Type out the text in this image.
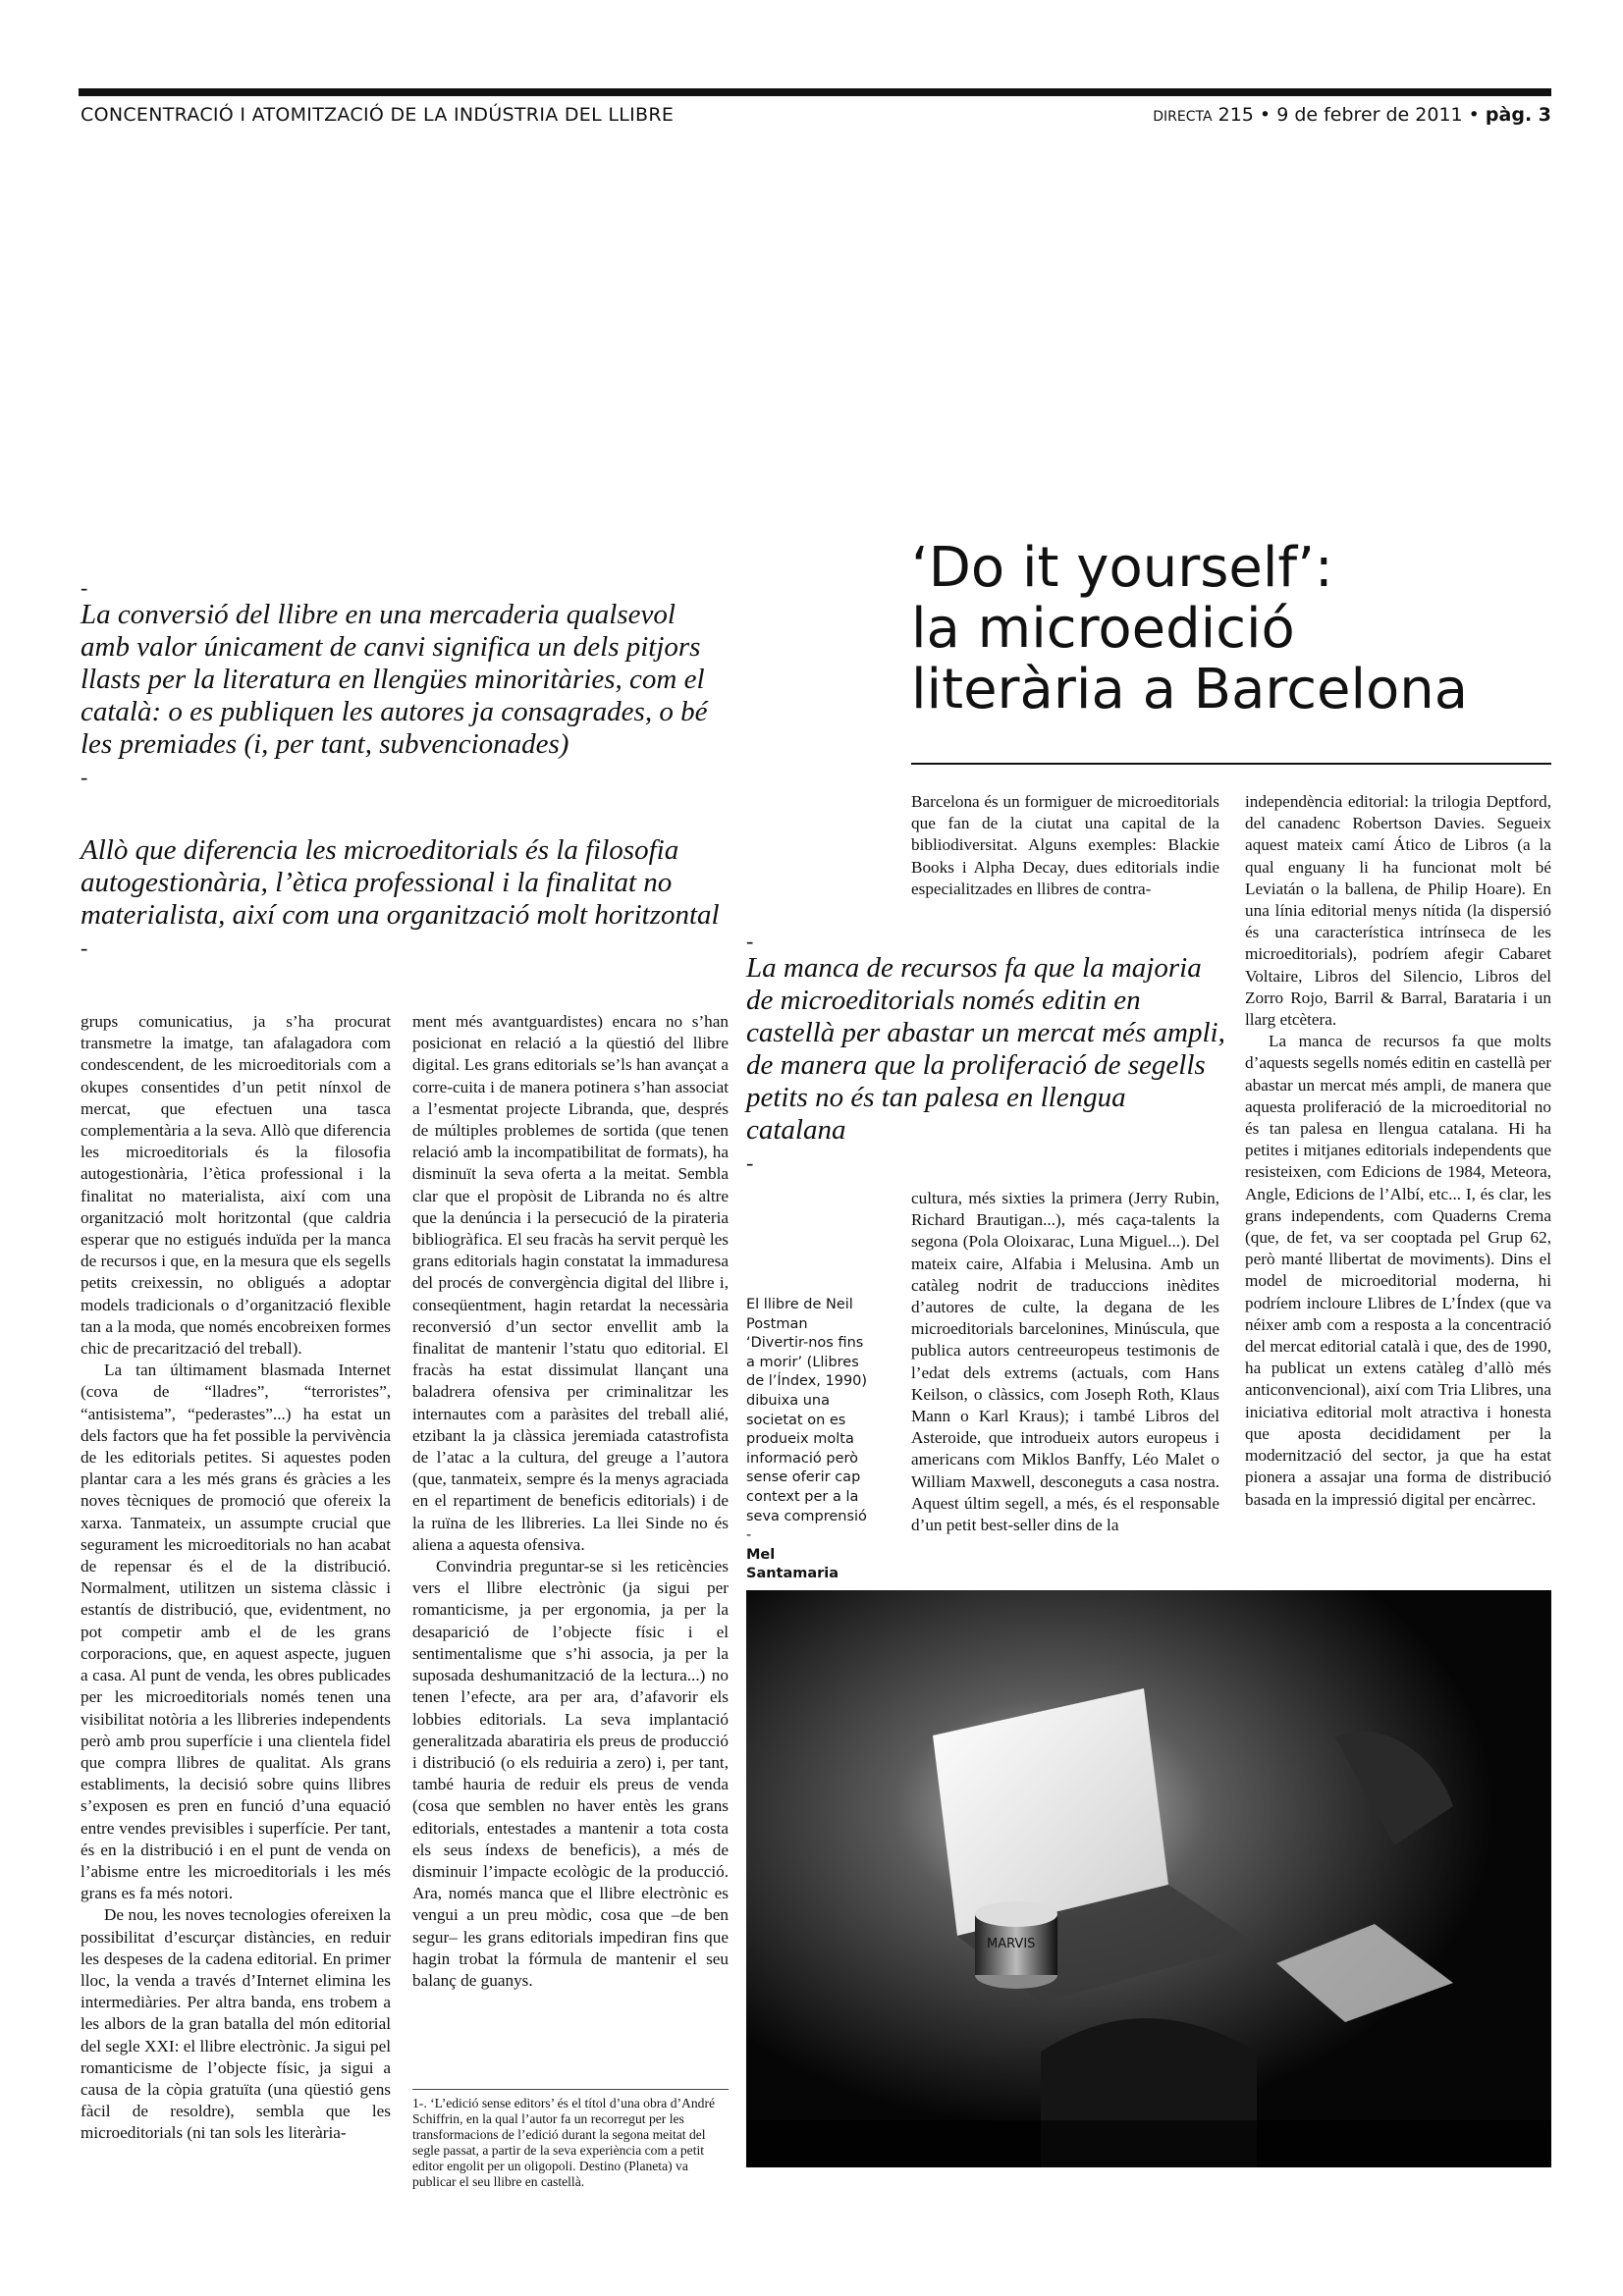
CONCENTRACIÓ I ATOMITZACIÓ DE LA INDÚSTRIA DEL LLIBRE	DIRECTA 215 • 9 de febrer de 2011 • pàg. 3
‘Do it yourself’:
la microedició
literària a Barcelona
-
La conversió del llibre en una mercaderia qualsevol amb valor únicament de canvi significa un dels pitjors llasts per la literatura en llengües minoritàries, com el català: o es publiquen les autores ja consagrades, o bé les premiades (i, per tant, subvencionades)
-
Allò que diferencia les microeditorials és la filosofia autogestionària, l’ètica professional i la finalitat no materialista, així com una organització molt horitzontal
-	-
La manca de recursos fa que la majoria de microeditorials només editin en castellà per abastar un mercat més ampli, de manera que la proliferació de segells petits no és tan palesa en llengua catalana
-

grups comunicatius, ja s’ha procurat transmetre la imatge, tan afalagadora com condescendent, de les microeditorials com a okupes consentides d’un petit nínxol de mercat, que efectuen una tasca complementària a la seva. Allò que diferencia les microeditorials és la filosofia autogestionària, l’ètica professional i la finalitat no materialista, així com una organització molt horitzontal (que caldria esperar que no estigués induïda per la manca de recursos i que, en la mesura que els segells petits creixessin, no obligués a adoptar models tradicionals o d’organització flexible tan a la moda, que només encobreixen formes chic de precarització del treball).

La tan últimament blasmada Internet (cova de “lladres”, “terroristes”, “antisistema”, “pederastes”...) ha estat un dels factors que ha fet possible la pervivència de les editorials petites. Si aquestes poden plantar cara a les més grans és gràcies a les noves tècniques de promoció que ofereix la xarxa. Tanmateix, un assumpte crucial que segurament les microeditorials no han acabat de repensar és el de la distribució. Normalment, utilitzen un sistema clàssic i estantís de distribució, que, evidentment, no pot competir amb el de les grans corporacions, que, en aquest aspecte, juguen a casa. Al punt de venda, les obres publicades per les microeditorials només tenen una visibilitat notòria a les llibreries independents però amb prou superfície i una clientela fidel que compra llibres de qualitat. Als grans establiments, la decisió sobre quins llibres s’exposen es pren en funció d’una equació entre vendes previsibles i superfície. Per tant, és en la distribució i en el punt de venda on l’abisme entre les microeditorials i les més grans es fa més notori.

De nou, les noves tecnologies ofereixen la possibilitat d’escurçar distàncies, en reduir les despeses de la cadena editorial. En primer lloc, la venda a través d’Internet elimina les intermediàries. Per altra banda, ens trobem a les albors de la gran batalla del món editorial del segle XXI: el llibre electrònic. Ja sigui pel romanticisme de l’objecte físic, ja sigui a causa de la còpia gratuïta (una qüestió gens fàcil de resoldre), sembla que les microeditorials (ni tan sols les literària-

ment més avantguardistes) encara no s’han posicionat en relació a la qüestió del llibre digital. Les grans editorials se’ls han avançat a corre-cuita i de manera potinera s’han associat a l’esmentat projecte Libranda, que, després de múltiples problemes de sortida (que tenen relació amb la incompatibilitat de formats), ha disminuït la seva oferta a la meitat. Sembla clar que el propòsit de Libranda no és altre que la denúncia i la persecució de la pirateria bibliogràfica. El seu fracàs ha servit perquè les grans editorials hagin constatat la immaduresa del procés de convergència digital del llibre i, conseqüentment, hagin retardat la necessària reconversió d’un sector envellit amb la finalitat de mantenir l’statu quo editorial. El fracàs ha estat dissimulat llançant una baladrera ofensiva per criminalitzar les internautes com a paràsites del treball alié, etzibant la ja clàssica jeremiada catastrofista de l’atac a la cultura, del greuge a l’autora (que, tanmateix, sempre és la menys agraciada en el repartiment de beneficis editorials) i de la ruïna de les llibreries. La llei Sinde no és aliena a aquesta ofensiva.

Convindria preguntar-se si les reticències vers el llibre electrònic (ja sigui per romanticisme, ja per ergonomia, ja per la desaparició de l’objecte físic i el sentimentalisme que s’hi associa, ja per la suposada deshumanització de la lectura...) no tenen l’efecte, ara per ara, d’afavorir els lobbies editorials. La seva implantació generalitzada abaratiria els preus de producció i distribució (o els reduiria a zero) i, per tant, també hauria de reduir els preus de venda (cosa que semblen no haver entès les grans editorials, entestades a mantenir a tota costa els seus índexs de beneficis), a més de disminuir l’impacte ecològic de la producció. Ara, només manca que el llibre electrònic es vengui a un preu mòdic, cosa que –de ben segur– les grans editorials impediran fins que hagin trobat la fórmula de mantenir el seu balanç de guanys.

Barcelona és un formiguer de microeditorials que fan de la ciutat una capital de la bibliodiversitat. Alguns exemples: Blackie Books i Alpha Decay, dues editorials indie especialitzades en llibres de contra-

cultura, més sixties la primera (Jerry Rubin, Richard Brautigan...), més caça-talents la segona (Pola Oloixarac, Luna Miguel...). Del mateix caire, Alfabia i Melusina. Amb un catàleg nodrit de traduccions inèdites d’autores de culte, la degana de les microeditorials barcelonines, Minúscula, que publica autors centreeuropeus testimonis de l’edat dels extrems (actuals, com Hans Keilson, o clàssics, com Joseph Roth, Klaus Mann o Karl Kraus); i també Libros del Asteroide, que introdueix autors europeus i americans com Miklos Banffy, Léo Malet o William Maxwell, desconeguts a casa nostra. Aquest últim segell, a més, és el responsable d’un petit best-seller dins de la

independència editorial: la trilogia Deptford, del canadenc Robertson Davies. Segueix aquest mateix camí Ático de Libros (a la qual enguany li ha funcionat molt bé Leviatán o la ballena, de Philip Hoare). En una línia editorial menys nítida (la dispersió és una característica intrínseca de les microeditorials), podríem afegir Cabaret Voltaire, Libros del Silencio, Libros del Zorro Rojo, Barril & Barral, Barataria i un llarg etcètera.

La manca de recursos fa que molts d’aquests segells només editin en castellà per abastar un mercat més ampli, de manera que aquesta proliferació de la microeditorial no és tan palesa en llengua catalana. Hi ha petites i mitjanes editorials independents que resisteixen, com Edicions de 1984, Meteora, Angle, Edicions de l’Albí, etc... I, és clar, les grans independents, com Quaderns Crema (que, de fet, va ser cooptada pel Grup 62, però manté llibertat de moviments). Dins el model de microeditorial moderna, hi podríem incloure Llibres de L’Índex (que va néixer amb com a resposta a la concentració del mercat editorial català i que, des de 1990, ha publicat un extens catàleg d’allò més anticonvencional), així com Tria Llibres, una iniciativa editorial molt atractiva i honesta que aposta decididament per la modernització del sector, ja que ha estat pionera a assajar una forma de distribució basada en la impressió digital per encàrrec.

El llibre de Neil Postman ‘Divertir-nos fins a morir’ (Llibres de l’Índex, 1990) dibuixa una societat on es produeix molta informació però sense oferir cap context per a la seva comprensió
-
Mel Santamaria
1-. ‘L’edició sense editors’ és el títol d’una obra d’André Schiffrin, en la qual l’autor fa un recorregut per les transformacions de l’edició durant la segona meitat del segle passat, a partir de la seva experiència com a petit editor engolit per un oligopoli. Destino (Planeta) va publicar el seu llibre en castellà.
MARVIS
